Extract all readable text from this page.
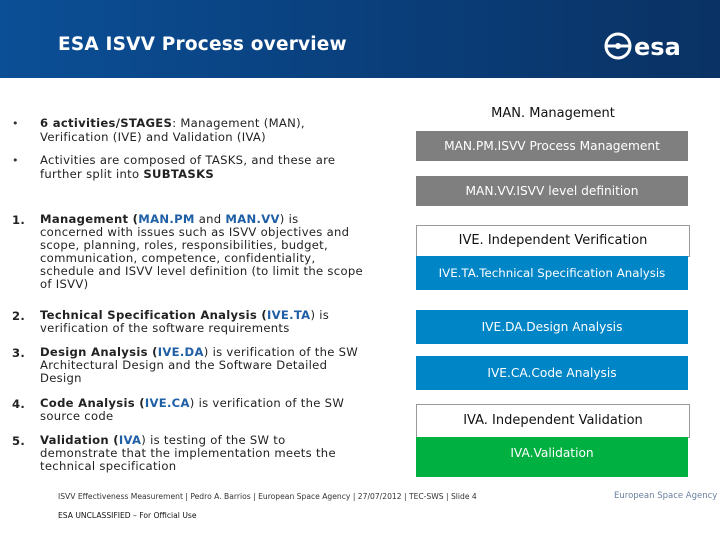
ESA ISVV Process overview	esa
• 6 activities/STAGES: Management (MAN),
Verification (IVE) and Validation (IVA)
• Activities are composed of TASKS, and these are
further split into SUBTASKS
1. Management (MAN.PM and MAN.VV) is
concerned with issues such as ISVV objectives and
scope, planning, roles, responsibilities, budget,
communication, competence, confidentiality,
schedule and ISVV level definition (to limit the scope
of ISVV)
2. Technical Specification Analysis (IVE.TA) is
verification of the software requirements
3. Design Analysis (IVE.DA) is verification of the SW
Architectural Design and the Software Detailed
Design
4. Code Analysis (IVE.CA) is verification of the SW
source code
5. Validation (IVA) is testing of the SW to
demonstrate that the implementation meets the
technical specification
MAN. Management
MAN.PM.ISVV Process Management
MAN.VV.ISVV level definition
IVE. Independent Verification
IVE.TA.Technical Specification Analysis
IVE.DA.Design Analysis
IVE.CA.Code Analysis
IVA. Independent Validation
IVA.Validation
ISVV Effectiveness Measurement | Pedro A. Barrios | European Space Agency | 27/07/2012 | TEC-SWS | Slide 4	European Space Agency
ESA UNCLASSIFIED – For Official Use
